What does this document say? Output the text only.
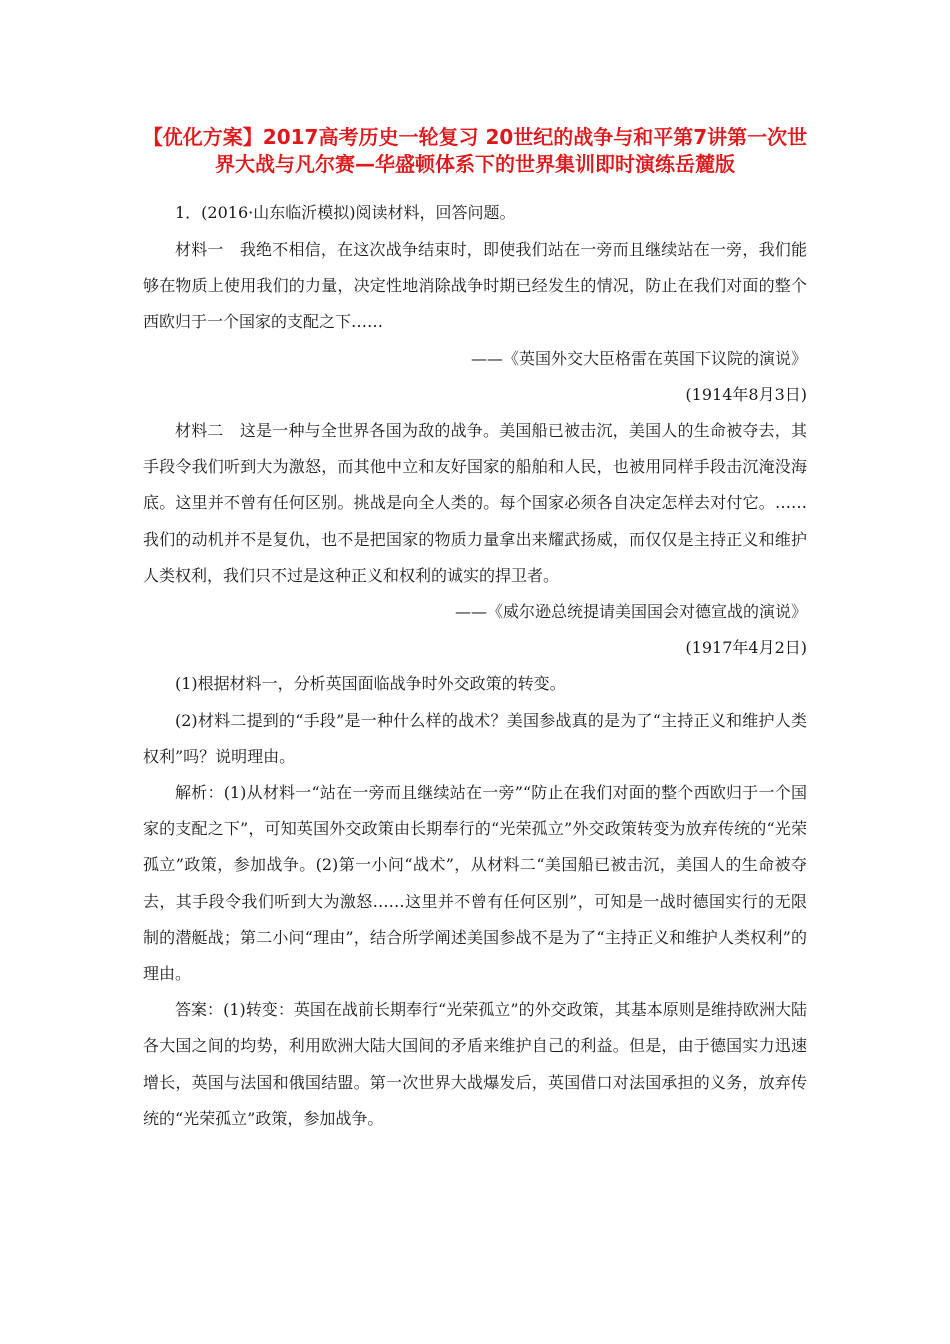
【优化方案】2017高考历史一轮复习 20世纪的战争与和平第7讲第一次世界大战与凡尔赛—华盛顿体系下的世界集训即时演练岳麓版

1．(2016·山东临沂模拟)阅读材料，回答问题。

材料一　我绝不相信，在这次战争结束时，即使我们站在一旁而且继续站在一旁，我们能够在物质上使用我们的力量，决定性地消除战争时期已经发生的情况，防止在我们对面的整个西欧归于一个国家的支配之下……

——《英国外交大臣格雷在英国下议院的演说》

(1914年8月3日)

材料二　这是一种与全世界各国为敌的战争。美国船已被击沉，美国人的生命被夺去，其手段令我们听到大为激怒，而其他中立和友好国家的船舶和人民，也被用同样手段击沉淹没海底。这里并不曾有任何区别。挑战是向全人类的。每个国家必须各自决定怎样去对付它。……我们的动机并不是复仇，也不是把国家的物质力量拿出来耀武扬威，而仅仅是主持正义和维护人类权利，我们只不过是这种正义和权利的诚实的捍卫者。

——《威尔逊总统提请美国国会对德宣战的演说》

(1917年4月2日)

(1)根据材料一，分析英国面临战争时外交政策的转变。

(2)材料二提到的“手段”是一种什么样的战术？美国参战真的是为了“主持正义和维护人类权利”吗？说明理由。

解析：(1)从材料一“站在一旁而且继续站在一旁”“防止在我们对面的整个西欧归于一个国家的支配之下”，可知英国外交政策由长期奉行的“光荣孤立”外交政策转变为放弃传统的“光荣孤立”政策，参加战争。(2)第一小问“战术”，从材料二“美国船已被击沉，美国人的生命被夺去，其手段令我们听到大为激怒……这里并不曾有任何区别”，可知是一战时德国实行的无限制的潜艇战；第二小问“理由”，结合所学阐述美国参战不是为了“主持正义和维护人类权利”的理由。

答案：(1)转变：英国在战前长期奉行“光荣孤立”的外交政策，其基本原则是维持欧洲大陆各大国之间的均势，利用欧洲大陆大国间的矛盾来维护自己的利益。但是，由于德国实力迅速增长，英国与法国和俄国结盟。第一次世界大战爆发后，英国借口对法国承担的义务，放弃传统的“光荣孤立”政策，参加战争。
